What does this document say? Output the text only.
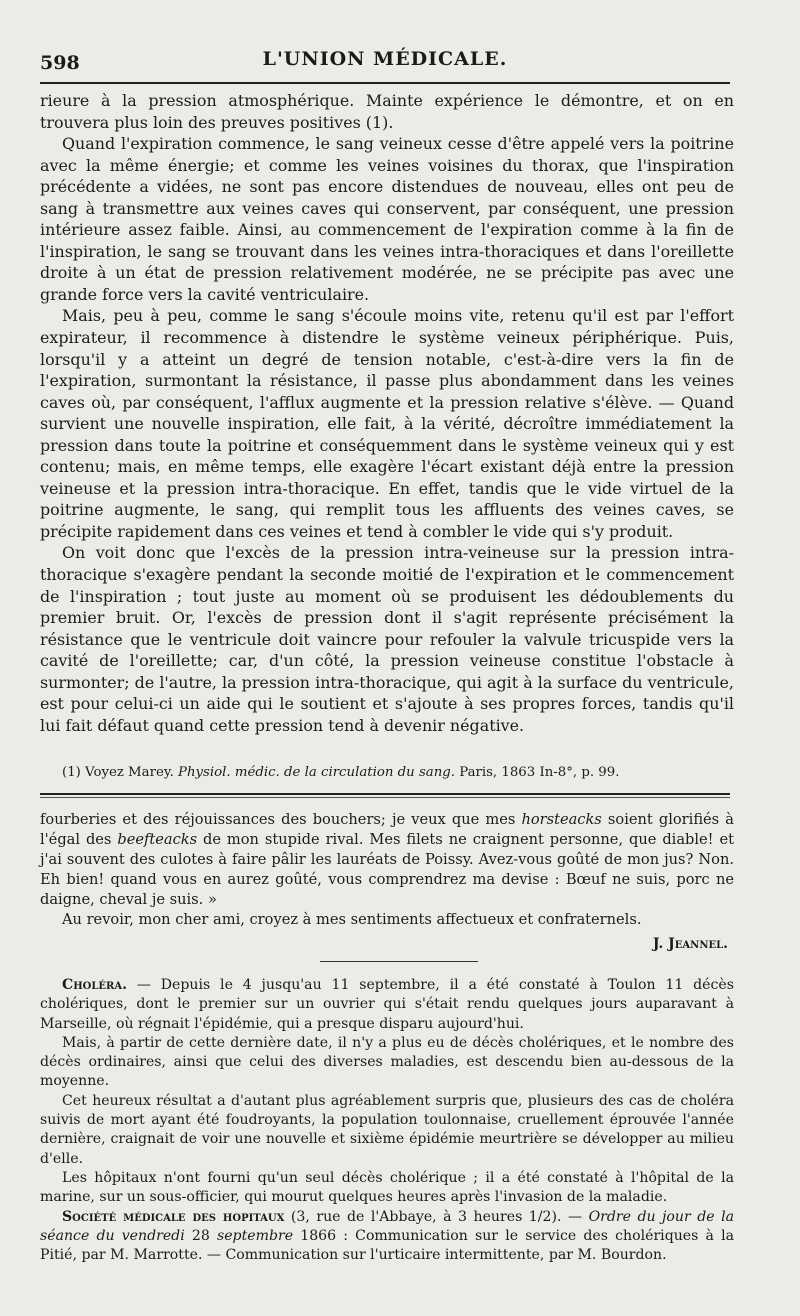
598	L'UNION MÉDICALE.

rieure à la pression atmosphérique. Mainte expérience le démontre, et on en trouvera plus loin des preuves positives (1).

Quand l'expiration commence, le sang veineux cesse d'être appelé vers la poitrine avec la même énergie; et comme les veines voisines du thorax, que l'inspiration précédente a vidées, ne sont pas encore distendues de nouveau, elles ont peu de sang à transmettre aux veines caves qui conservent, par conséquent, une pression intérieure assez faible. Ainsi, au commencement de l'expiration comme à la fin de l'inspiration, le sang se trouvant dans les veines intra-thoraciques et dans l'oreillette droite à un état de pression relativement modérée, ne se précipite pas avec une grande force vers la cavité ventriculaire.

Mais, peu à peu, comme le sang s'écoule moins vite, retenu qu'il est par l'effort expirateur, il recommence à distendre le système veineux périphérique. Puis, lorsqu'il y a atteint un degré de tension notable, c'est-à-dire vers la fin de l'expiration, surmontant la résistance, il passe plus abondamment dans les veines caves où, par conséquent, l'afflux augmente et la pression relative s'élève. — Quand survient une nouvelle inspiration, elle fait, à la vérité, décroître immédiatement la pression dans toute la poitrine et conséquemment dans le système veineux qui y est contenu; mais, en même temps, elle exagère l'écart existant déjà entre la pression veineuse et la pression intra-thoracique. En effet, tandis que le vide virtuel de la poitrine augmente, le sang, qui remplit tous les affluents des veines caves, se précipite rapidement dans ces veines et tend à combler le vide qui s'y produit.

On voit donc que l'excès de la pression intra-veineuse sur la pression intra-thoracique s'exagère pendant la seconde moitié de l'expiration et le commencement de l'inspiration ; tout juste au moment où se produisent les dédoublements du premier bruit. Or, l'excès de pression dont il s'agit représente précisément la résistance que le ventricule doit vaincre pour refouler la valvule tricuspide vers la cavité de l'oreillette; car, d'un côté, la pression veineuse constitue l'obstacle à surmonter; de l'autre, la pression intra-thoracique, qui agit à la surface du ventricule, est pour celui-ci un aide qui le soutient et s'ajoute à ses propres forces, tandis qu'il lui fait défaut quand cette pression tend à devenir négative.

(1) Voyez Marey. Physiol. médic. de la circulation du sang. Paris, 1863 In-8°, p. 99.

fourberies et des réjouissances des bouchers; je veux que mes horsteacks soient glorifiés à l'égal des beefteacks de mon stupide rival. Mes filets ne craignent personne, que diable! et j'ai souvent des culotes à faire pâlir les lauréats de Poissy. Avez-vous goûté de mon jus? Non. Eh bien! quand vous en aurez goûté, vous comprendrez ma devise : Bœuf ne suis, porc ne daigne, cheval je suis. »

Au revoir, mon cher ami, croyez à mes sentiments affectueux et confraternels.

J. Jeannel.

Choléra. — Depuis le 4 jusqu'au 11 septembre, il a été constaté à Toulon 11 décès cholériques, dont le premier sur un ouvrier qui s'était rendu quelques jours auparavant à Marseille, où régnait l'épidémie, qui a presque disparu aujourd'hui.

Mais, à partir de cette dernière date, il n'y a plus eu de décès cholériques, et le nombre des décès ordinaires, ainsi que celui des diverses maladies, est descendu bien au-dessous de la moyenne.

Cet heureux résultat a d'autant plus agréablement surpris que, plusieurs des cas de choléra suivis de mort ayant été foudroyants, la population toulonnaise, cruellement éprouvée l'année dernière, craignait de voir une nouvelle et sixième épidémie meurtrière se développer au milieu d'elle.

Les hôpitaux n'ont fourni qu'un seul décès cholérique ; il a été constaté à l'hôpital de la marine, sur un sous-officier, qui mourut quelques heures après l'invasion de la maladie.

Société médicale des hopitaux (3, rue de l'Abbaye, à 3 heures 1/2). — Ordre du jour de la séance du vendredi 28 septembre 1866 : Communication sur le service des cholériques à la Pitié, par M. Marrotte. — Communication sur l'urticaire intermittente, par M. Bourdon.
